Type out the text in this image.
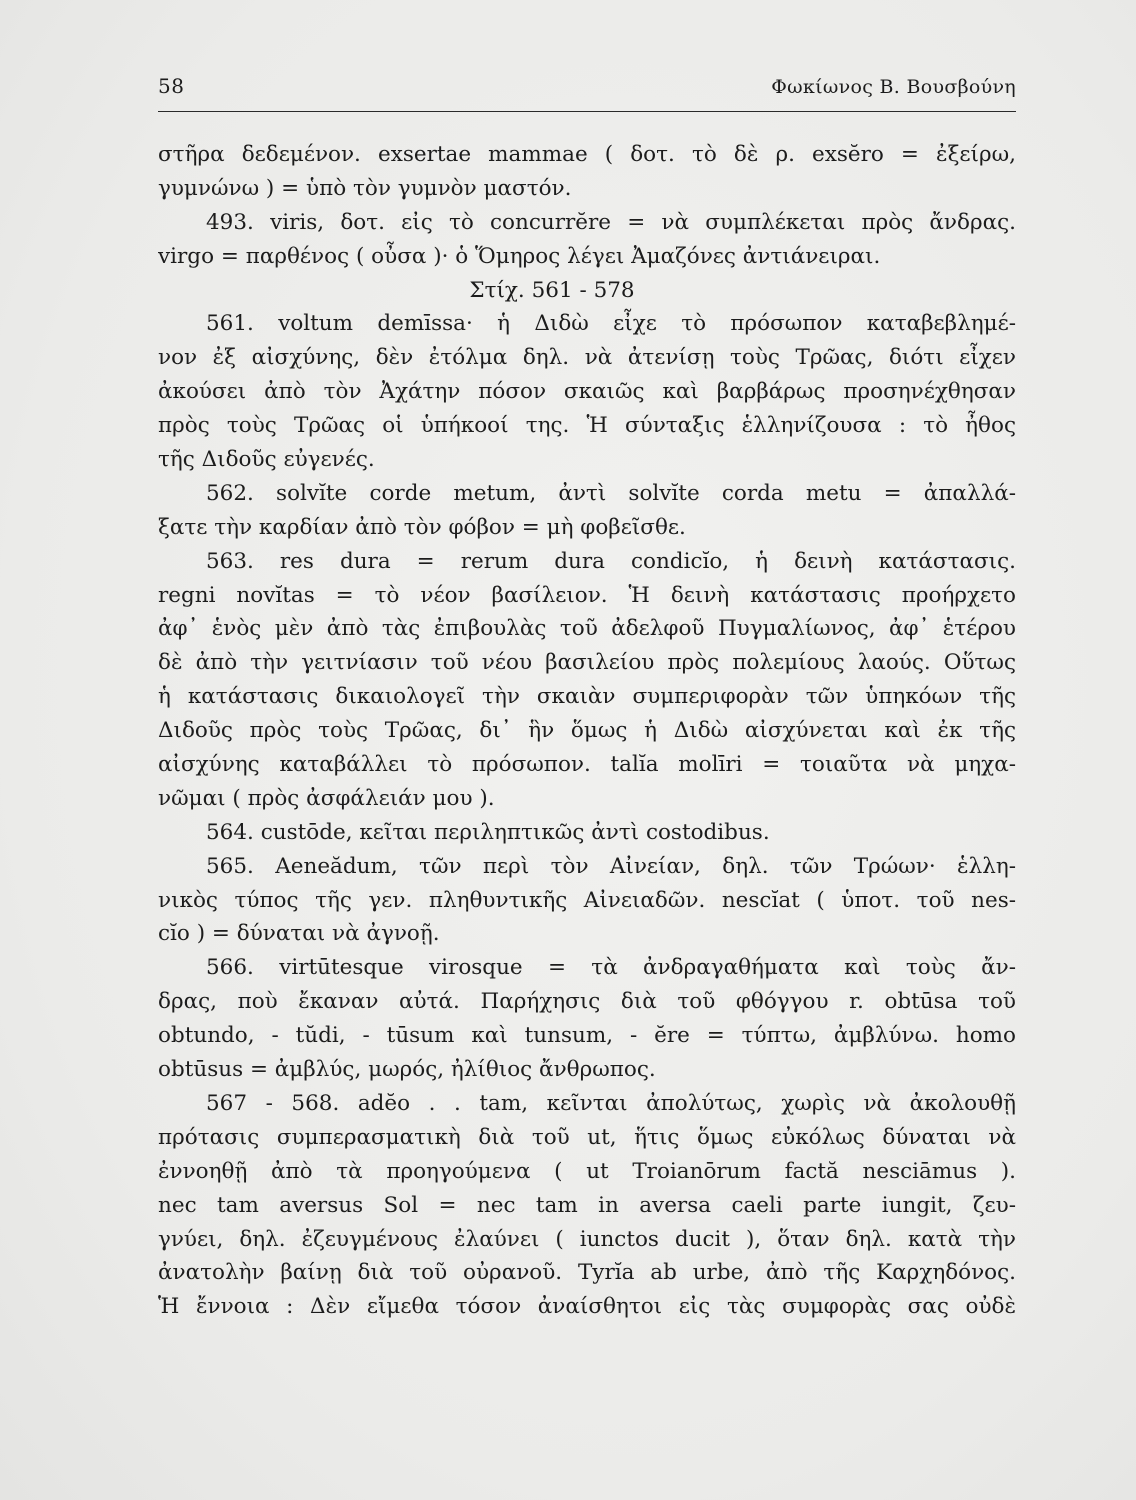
58	Φωκίωνος Β. Βουσβούνη
στῆρα δεδεμένον. exsertae mammae ( δοτ. τὸ δὲ ρ. exsĕro = ἐξείρω,
γυμνώνω ) = ὑπὸ τὸν γυμνὸν μαστόν.
493. viris, δοτ. εἰς τὸ concurrĕre = νὰ συμπλέκεται πρὸς ἄνδρας.
virgo = παρθένος ( οὖσα )· ὁ Ὅμηρος λέγει Ἀμαζόνες ἀντιάνειραι.
Στίχ. 561 - 578
561. voltum demīssa· ἡ Διδὼ εἶχε τὸ πρόσωπον καταβεβλημέ-
νον ἐξ αἰσχύνης, δὲν ἐτόλμα δηλ. νὰ ἀτενίσῃ τοὺς Τρῶας, διότι εἶχεν
ἀκούσει ἀπὸ τὸν Ἀχάτην πόσον σκαιῶς καὶ βαρβάρως προσηνέχθησαν
πρὸς τοὺς Τρῶας οἱ ὑπήκοοί της. Ἡ σύνταξις ἑλληνίζουσα : τὸ ἦθος
τῆς Διδοῦς εὐγενές.
562. solvĭte corde metum, ἀντὶ solvĭte corda metu = ἀπαλλά-
ξατε τὴν καρδίαν ἀπὸ τὸν φόβον = μὴ φοβεῖσθε.
563. res dura = rerum dura condicĭo, ἡ δεινὴ κατάστασις.
regni novĭtas = τὸ νέον βασίλειον. Ἡ δεινὴ κατάστασις προήρχετο
ἀφ᾽ ἑνὸς μὲν ἀπὸ τὰς ἐπιβουλὰς τοῦ ἀδελφοῦ Πυγμαλίωνος, ἀφ᾽ ἑτέρου
δὲ ἀπὸ τὴν γειτνίασιν τοῦ νέου βασιλείου πρὸς πολεμίους λαούς. Οὕτως
ἡ κατάστασις δικαιολογεῖ τὴν σκαιὰν συμπεριφορὰν τῶν ὑπηκόων τῆς
Διδοῦς πρὸς τοὺς Τρῶας, δι᾽ ἣν ὅμως ἡ Διδὼ αἰσχύνεται καὶ ἐκ τῆς
αἰσχύνης καταβάλλει τὸ πρόσωπον. talĭa molīri = τοιαῦτα νὰ μηχα-
νῶμαι ( πρὸς ἀσφάλειάν μου ).
564. custōde, κεῖται περιληπτικῶς ἀντὶ costodibus.
565. Aeneădum, τῶν περὶ τὸν Αἰνείαν, δηλ. τῶν Τρώων· ἑλλη-
νικὸς τύπος τῆς γεν. πληθυντικῆς Αἰνειαδῶν. nescĭat ( ὑποτ. τοῦ nes-
cĭo ) = δύναται νὰ ἀγνοῇ.
566. virtūtesque virosque = τὰ ἀνδραγαθήματα καὶ τοὺς ἄν-
δρας, ποὺ ἔκαναν αὐτά. Παρήχησις διὰ τοῦ φθόγγου r. obtūsa τοῦ
obtundo, - tŭdi, - tūsum καὶ tunsum, - ĕre = τύπτω, ἀμβλύνω. homo
obtūsus = ἀμβλύς, μωρός, ἠλίθιος ἄνθρωπος.
567 - 568. adĕo . . tam, κεῖνται ἀπολύτως, χωρὶς νὰ ἀκολουθῇ
πρότασις συμπερασματικὴ διὰ τοῦ ut, ἥτις ὅμως εὐκόλως δύναται νὰ
ἐννοηθῇ ἀπὸ τὰ προηγούμενα ( ut Troianōrum factă nesciāmus ).
nec tam aversus Sol = nec tam in aversa caeli parte iungit, ζευ-
γνύει, δηλ. ἐζευγμένους ἐλαύνει ( iunctos ducit ), ὅταν δηλ. κατὰ τὴν
ἀνατολὴν βαίνῃ διὰ τοῦ οὐρανοῦ. Tyrĭa ab urbe, ἀπὸ τῆς Καρχηδόνος.
Ἡ ἔννοια : Δὲν εἴμεθα τόσον ἀναίσθητοι εἰς τὰς συμφορὰς σας οὐδὲ
